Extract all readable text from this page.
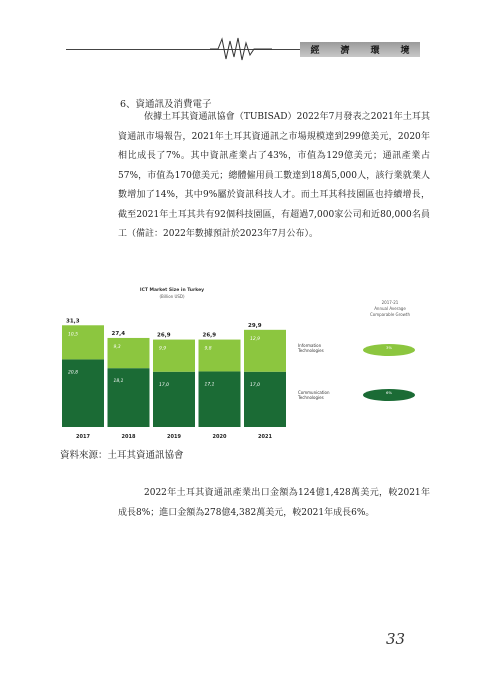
經 濟 環 境
6、資通訊及消費電子

依據土耳其資通訊協會（TUBISAD）2022年7月發表之2021年土耳其資通訊市場報告，2021年土耳其資通訊之市場規模達到299億美元，2020年相比成長了7%。其中資訊產業占了43%，市值為129億美元；通訊產業占57%，市值為170億美元；總體僱用員工數達到18萬5,000人，該行業就業人數增加了14%，其中9%屬於資訊科技人才。而土耳其科技園區也持續增長，截至2021年土耳其共有92個科技園區，有超過7,000家公司和近80,000名員工（備註：2022年數據預計於2023年7月公布）。

ICT Market Size in Turkey
(Billion USD)
20,8
10,5
31,3
18,1
9,3
27,4
17,0
9,9
26,9
17,1
9,8
26,9
17,0
12,9
29,9
2017	2018	2019	2020	2021
Information Technologies
Communication Technologies
2017-21
Annual Average
Comparable Growth
3%
6%
資料來源：土耳其資通訊協會

2022年土耳其資通訊產業出口金額為124億1,428萬美元，較2021年成長8%；進口金額為278億4,382萬美元，較2021年成長6%。

33
